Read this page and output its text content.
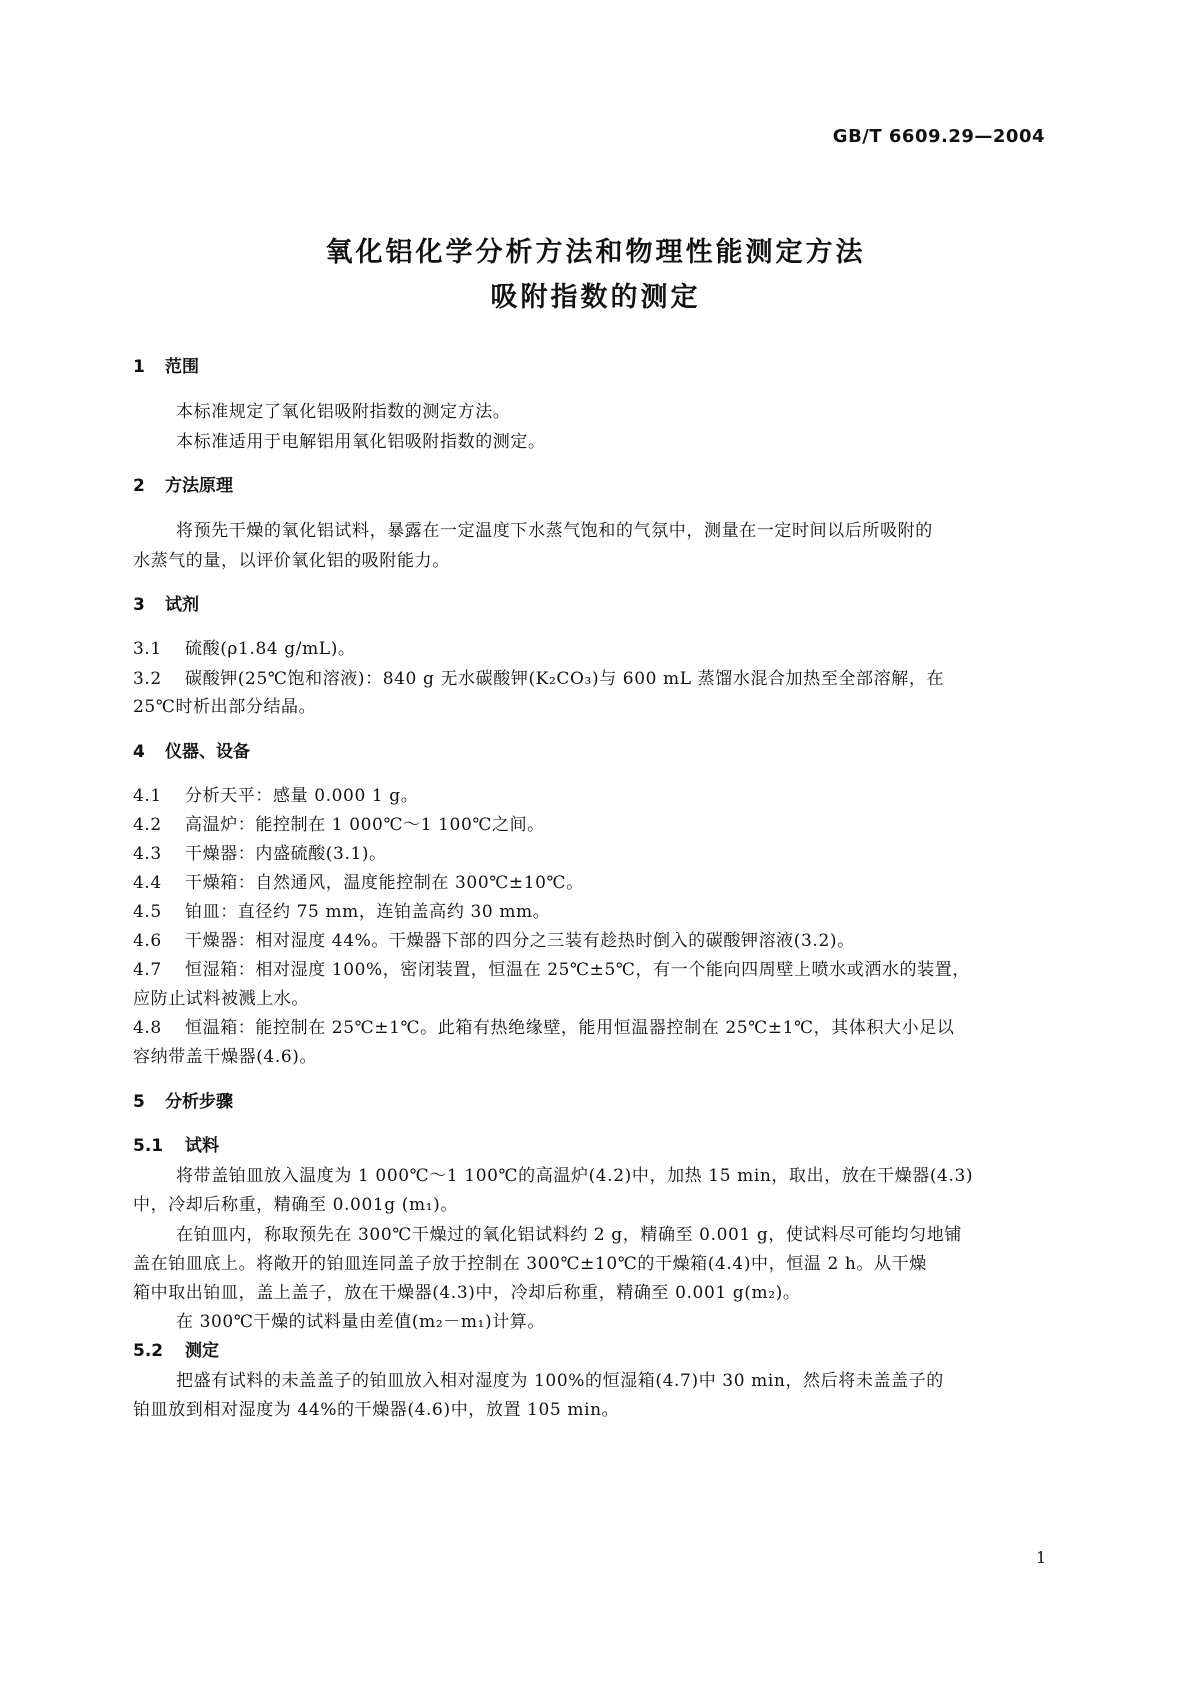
GB/T 6609.29—2004
氧化铝化学分析方法和物理性能测定方法
吸附指数的测定
1 范围
本标准规定了氧化铝吸附指数的测定方法。
本标准适用于电解铝用氧化铝吸附指数的测定。
2 方法原理
将预先干燥的氧化铝试料，暴露在一定温度下水蒸气饱和的气氛中，测量在一定时间以后所吸附的
水蒸气的量，以评价氧化铝的吸附能力。
3 试剂
3.1 硫酸(ρ1.84 g/mL)。
3.2 碳酸钾(25℃饱和溶液)：840 g 无水碳酸钾(K₂CO₃)与 600 mL 蒸馏水混合加热至全部溶解，在
25℃时析出部分结晶。
4 仪器、设备
4.1 分析天平：感量 0.000 1 g。
4.2 高温炉：能控制在 1 000℃～1 100℃之间。
4.3 干燥器：内盛硫酸(3.1)。
4.4 干燥箱：自然通风，温度能控制在 300℃±10℃。
4.5 铂皿：直径约 75 mm，连铂盖高约 30 mm。
4.6 干燥器：相对湿度 44%。干燥器下部的四分之三装有趁热时倒入的碳酸钾溶液(3.2)。
4.7 恒湿箱：相对湿度 100%，密闭装置，恒温在 25℃±5℃，有一个能向四周壁上喷水或洒水的装置，
应防止试料被溅上水。
4.8 恒温箱：能控制在 25℃±1℃。此箱有热绝缘壁，能用恒温器控制在 25℃±1℃，其体积大小足以
容纳带盖干燥器(4.6)。
5 分析步骤
5.1 试料
将带盖铂皿放入温度为 1 000℃～1 100℃的高温炉(4.2)中，加热 15 min，取出，放在干燥器(4.3)
中，冷却后称重，精确至 0.001g (m₁)。
在铂皿内，称取预先在 300℃干燥过的氧化铝试料约 2 g，精确至 0.001 g，使试料尽可能均匀地铺
盖在铂皿底上。将敞开的铂皿连同盖子放于控制在 300℃±10℃的干燥箱(4.4)中，恒温 2 h。从干燥
箱中取出铂皿，盖上盖子，放在干燥器(4.3)中，冷却后称重，精确至 0.001 g(m₂)。
在 300℃干燥的试料量由差值(m₂－m₁)计算。
5.2 测定
把盛有试料的未盖盖子的铂皿放入相对湿度为 100%的恒湿箱(4.7)中 30 min，然后将未盖盖子的
铂皿放到相对湿度为 44%的干燥器(4.6)中，放置 105 min。
1
